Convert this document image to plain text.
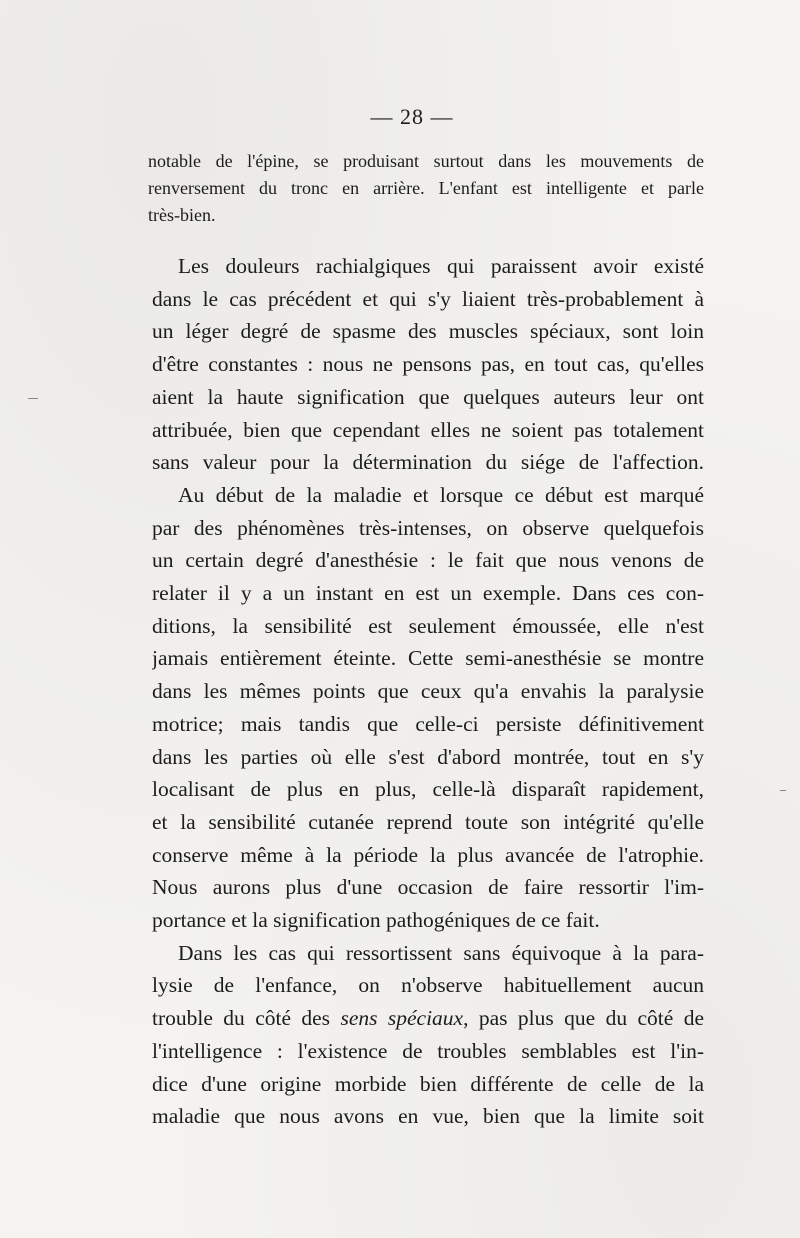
— 28 —
notable de l'épine, se produisant surtout dans les mouvements de
renversement du tronc en arrière. L'enfant est intelligente et parle
très-bien.
Les douleurs rachialgiques qui paraissent avoir existé
dans le cas précédent et qui s'y liaient très-probablement à
un léger degré de spasme des muscles spéciaux, sont loin
d'être constantes : nous ne pensons pas, en tout cas, qu'elles
aient la haute signification que quelques auteurs leur ont
attribuée, bien que cependant elles ne soient pas totalement
sans valeur pour la détermination du siége de l'affection.
Au début de la maladie et lorsque ce début est marqué
par des phénomènes très-intenses, on observe quelquefois
un certain degré d'anesthésie : le fait que nous venons de
relater il y a un instant en est un exemple. Dans ces con-
ditions, la sensibilité est seulement émoussée, elle n'est
jamais entièrement éteinte. Cette semi-anesthésie se montre
dans les mêmes points que ceux qu'a envahis la paralysie
motrice; mais tandis que celle-ci persiste définitivement
dans les parties où elle s'est d'abord montrée, tout en s'y
localisant de plus en plus, celle-là disparaît rapidement,
et la sensibilité cutanée reprend toute son intégrité qu'elle
conserve même à la période la plus avancée de l'atrophie.
Nous aurons plus d'une occasion de faire ressortir l'im-
portance et la signification pathogéniques de ce fait.
Dans les cas qui ressortissent sans équivoque à la para-
lysie de l'enfance, on n'observe habituellement aucun
trouble du côté des sens spéciaux, pas plus que du côté de
l'intelligence : l'existence de troubles semblables est l'in-
dice d'une origine morbide bien différente de celle de la
maladie que nous avons en vue, bien que la limite soit
